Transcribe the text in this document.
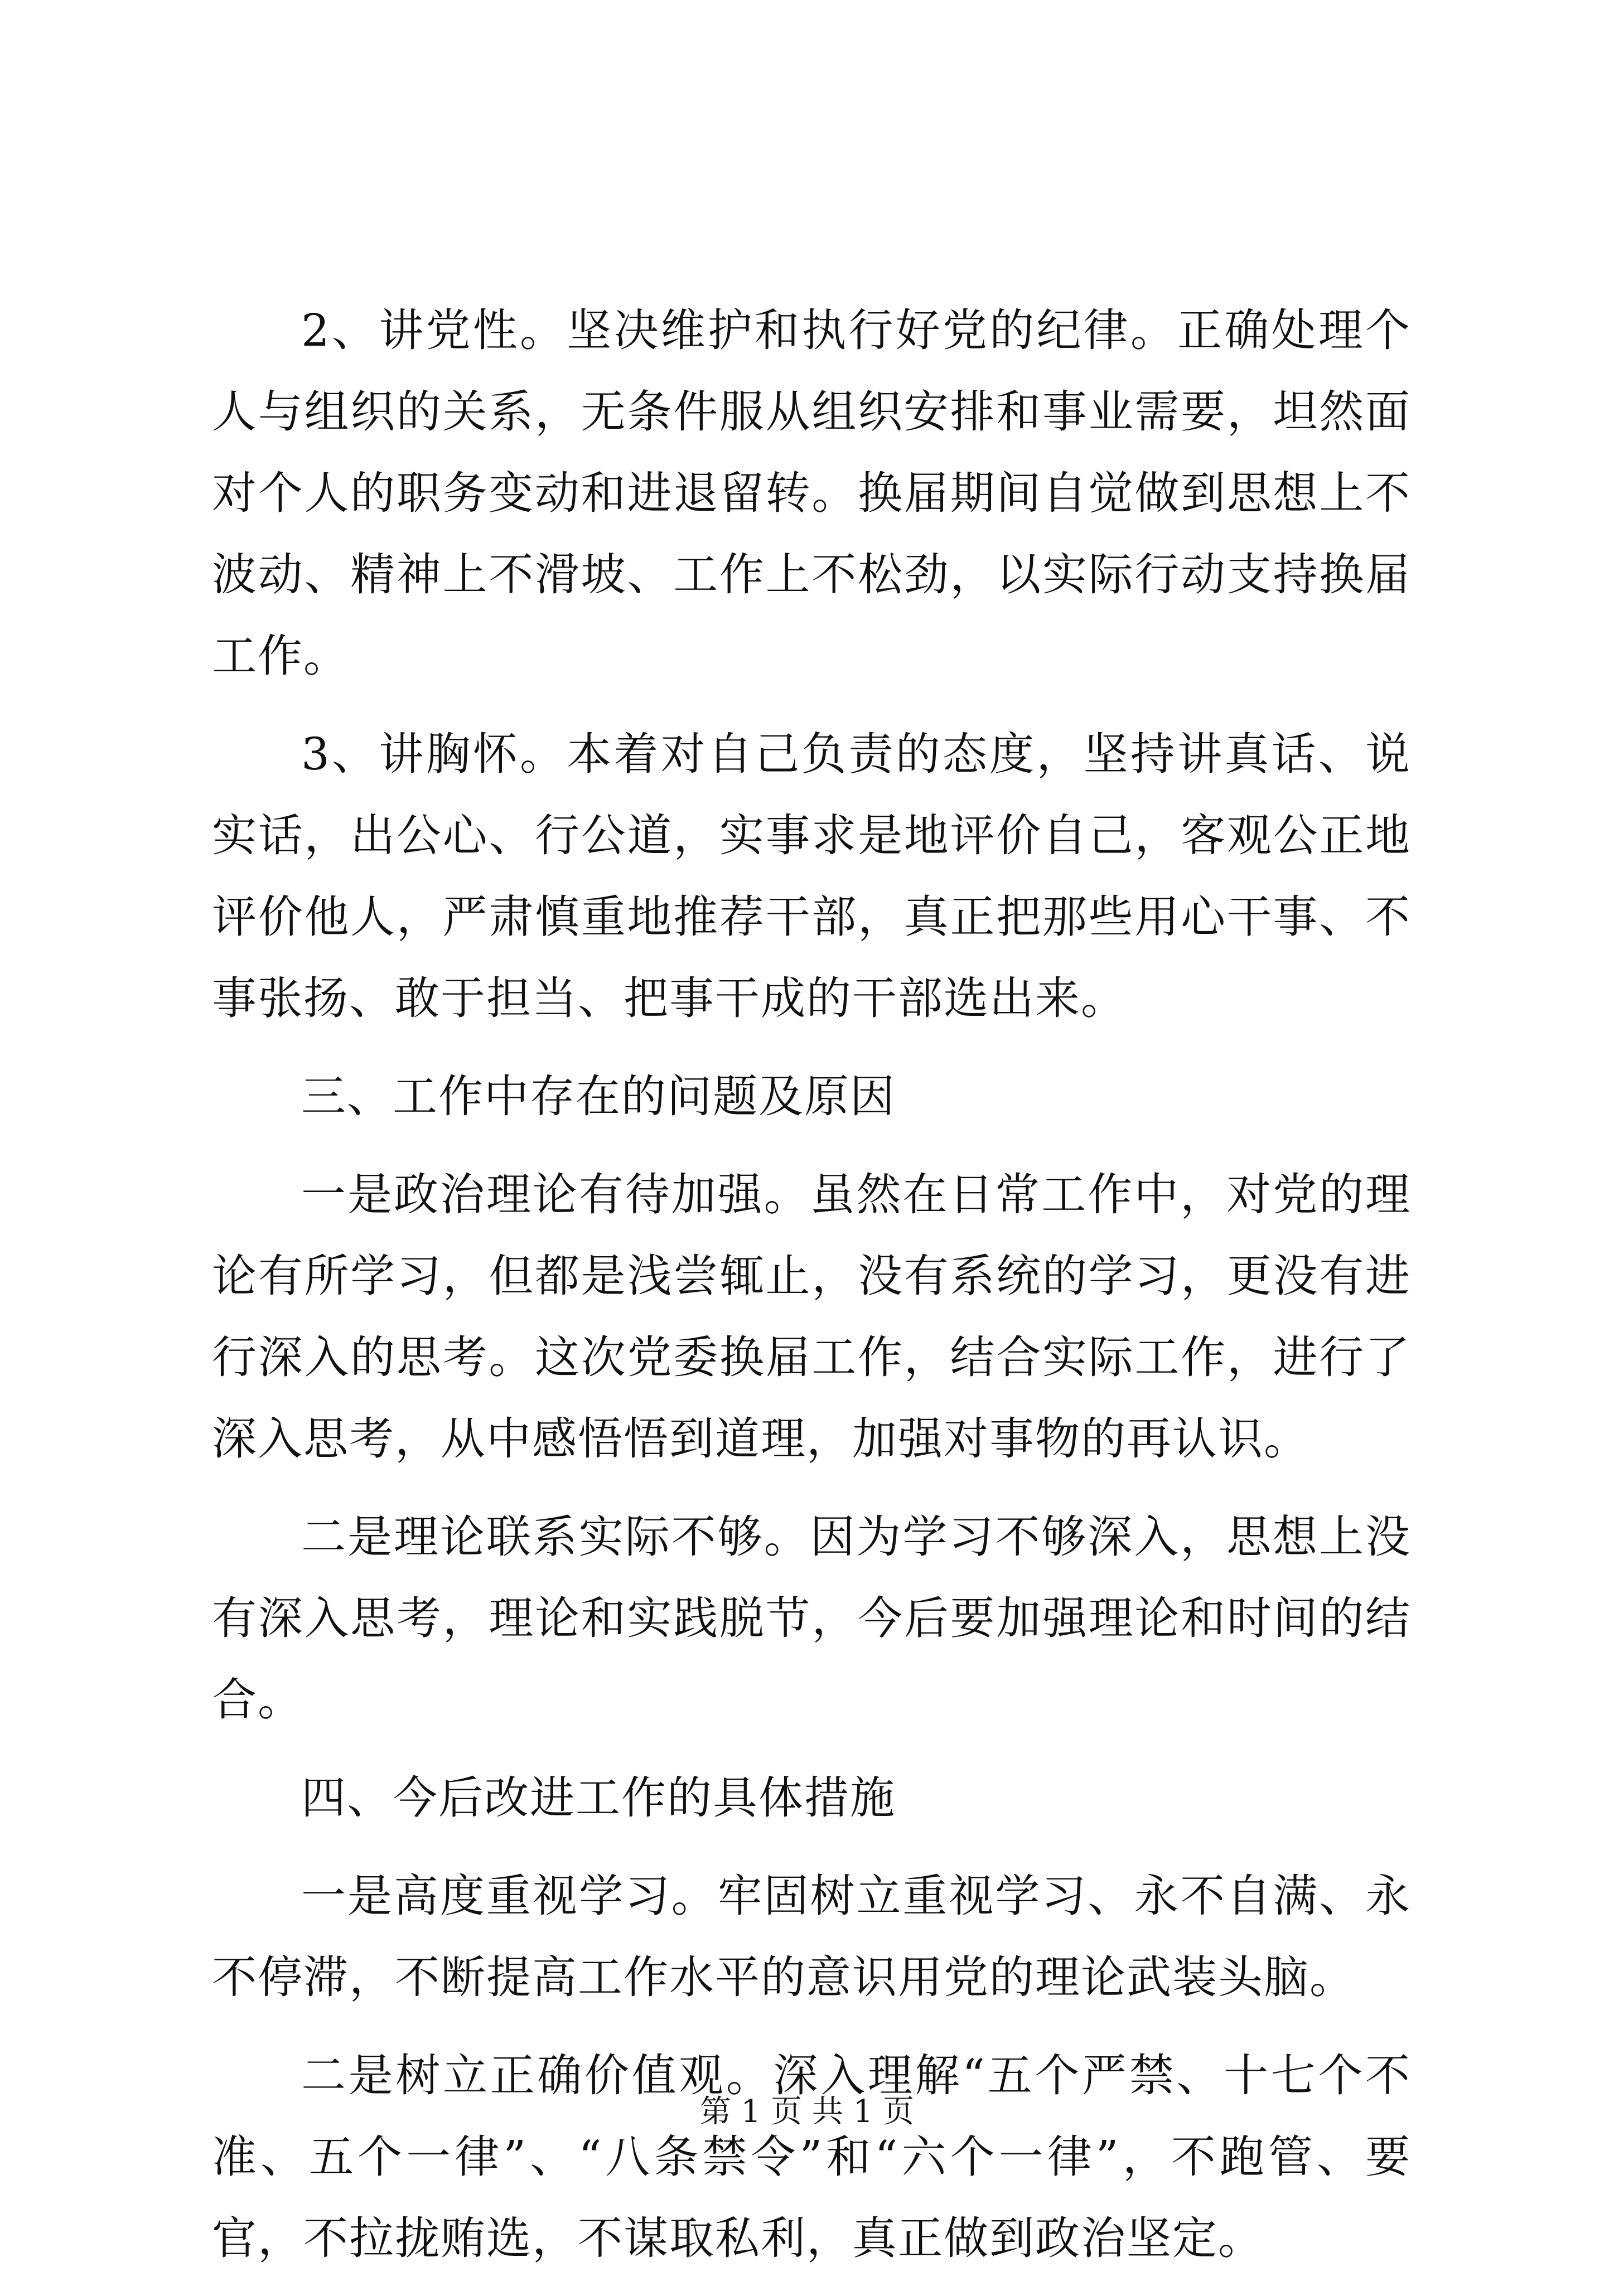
2、讲党性。坚决维护和执行好党的纪律。正确处理个人与组织的关系，无条件服从组织安排和事业需要，坦然面对个人的职务变动和进退留转。换届期间自觉做到思想上不波动、精神上不滑坡、工作上不松劲，以实际行动支持换届工作。

3、讲胸怀。本着对自己负责的态度，坚持讲真话、说实话，出公心、行公道，实事求是地评价自己，客观公正地评价他人，严肃慎重地推荐干部，真正把那些用心干事、不事张扬、敢于担当、把事干成的干部选出来。

三、工作中存在的问题及原因

一是政治理论有待加强。虽然在日常工作中，对党的理论有所学习，但都是浅尝辄止，没有系统的学习，更没有进行深入的思考。这次党委换届工作，结合实际工作，进行了深入思考，从中感悟悟到道理，加强对事物的再认识。

二是理论联系实际不够。因为学习不够深入，思想上没有深入思考，理论和实践脱节，今后要加强理论和时间的结合。

四、今后改进工作的具体措施

一是高度重视学习。牢固树立重视学习、永不自满、永不停滞，不断提高工作水平的意识用党的理论武装头脑。

二是树立正确价值观。深入理解“五个严禁、十七个不准、五个一律”、“八条禁令”和“六个一律”，不跑管、要官，不拉拢贿选，不谋取私利，真正做到政治坚定。

第 1 页 共 1 页
